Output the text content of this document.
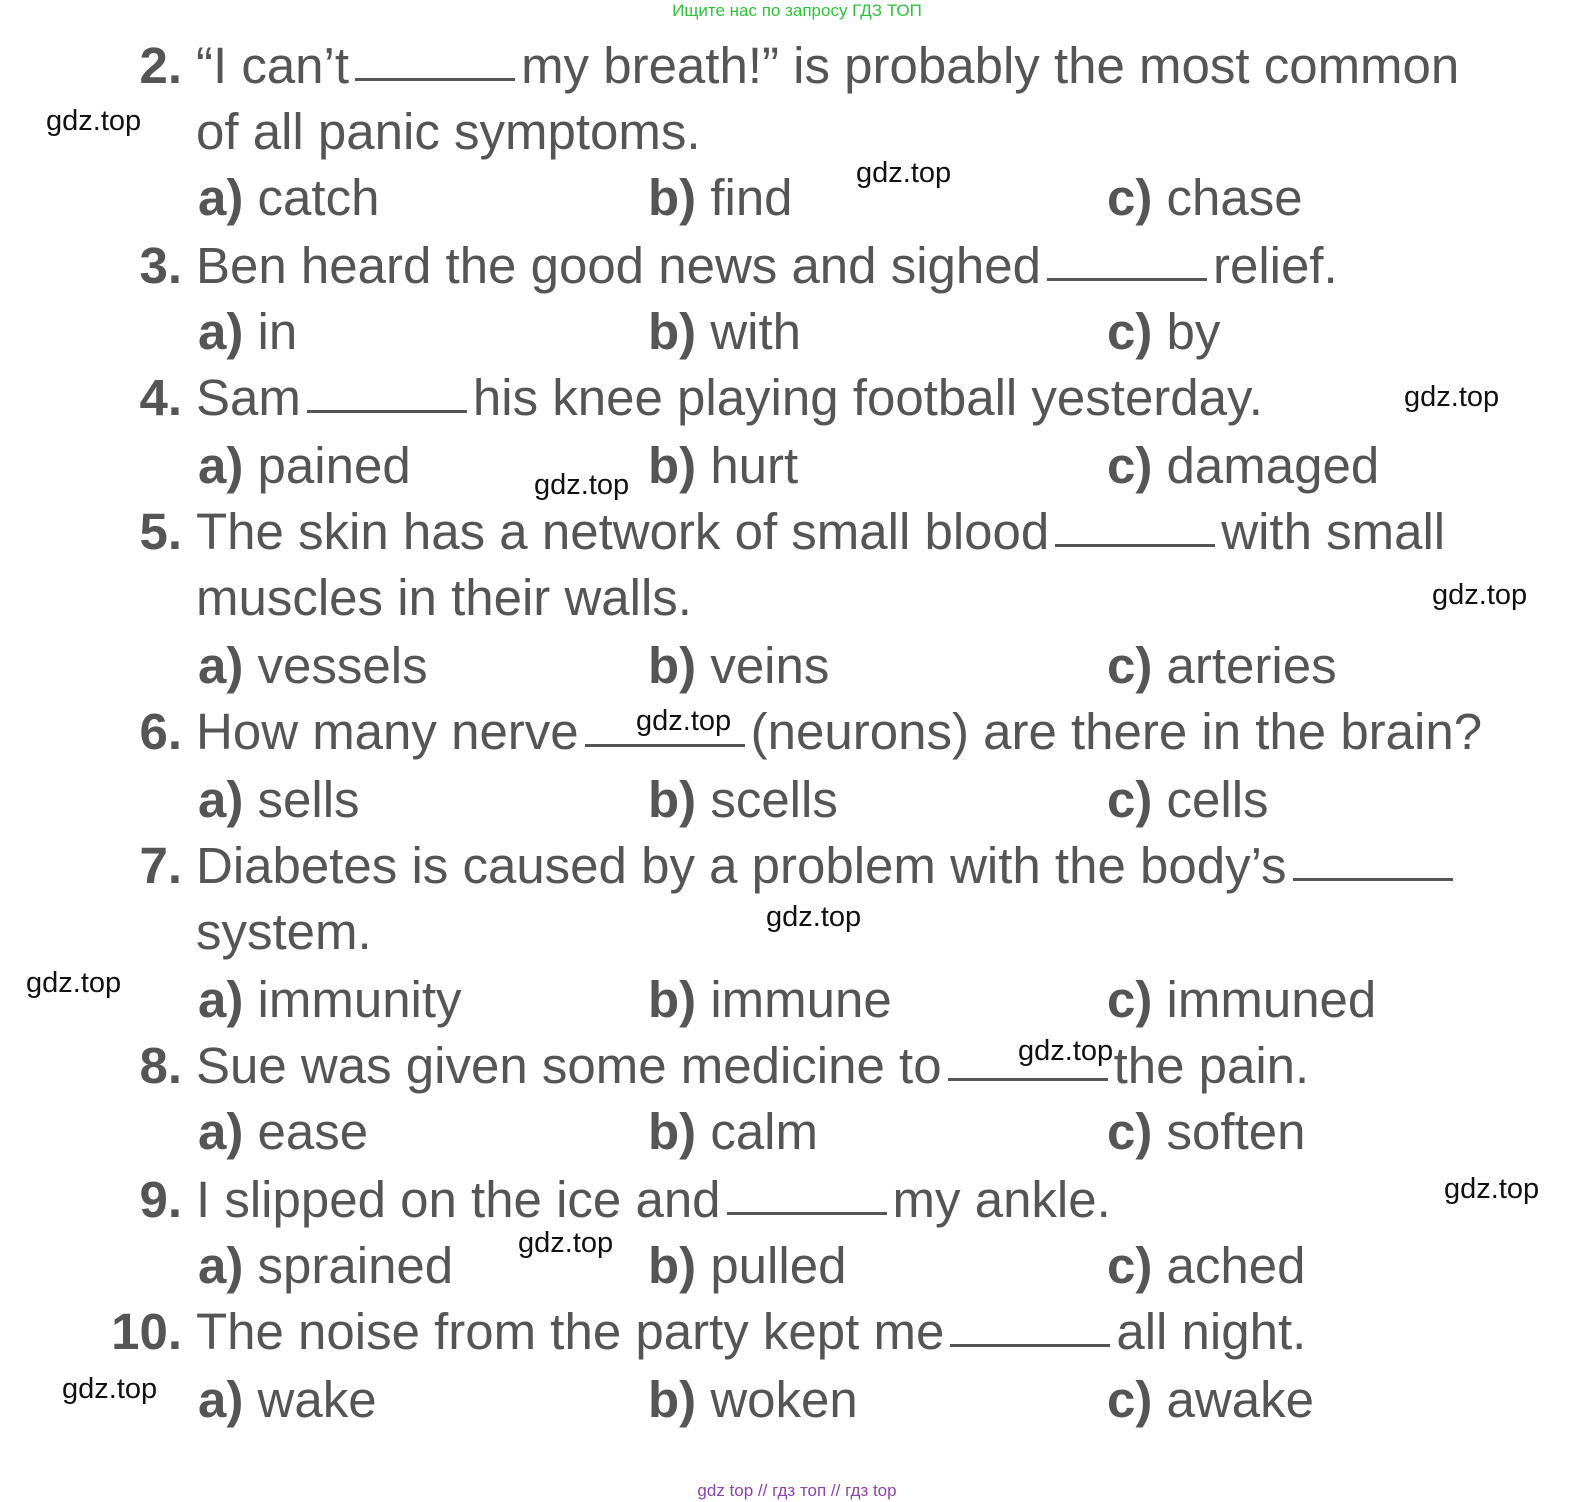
Ищите нас по запросу ГДЗ ТОП
2. “I can’t	my breath!” is probably the most common
of all panic symptoms.
a) catch	b) find	c) chase
3. Ben heard the good news and sighed	relief.
a) in	b) with	c) by
4. Sam	his knee playing football yesterday.
a) pained	b) hurt	c) damaged
5. The skin has a network of small blood	with small
muscles in their walls.
a) vessels	b) veins	c) arteries
6. How many nerve	(neurons) are there in the brain?
a) sells	b) scells	c) cells
7. Diabetes is caused by a problem with the body’s
system.
a) immunity	b) immune	c) immuned
8. Sue was given some medicine to	the pain.
a) ease	b) calm	c) soften
9. I slipped on the ice and	my ankle.
a) sprained	b) pulled	c) ached
10. The noise from the party kept me	all night.
a) wake	b) woken	c) awake
gdz.top
gdz.top
gdz.top
gdz.top
gdz.top
gdz.top
gdz.top
gdz.top
gdz.top
gdz.top
gdz.top
gdz.top
gdz top // гдз топ // гдз top
